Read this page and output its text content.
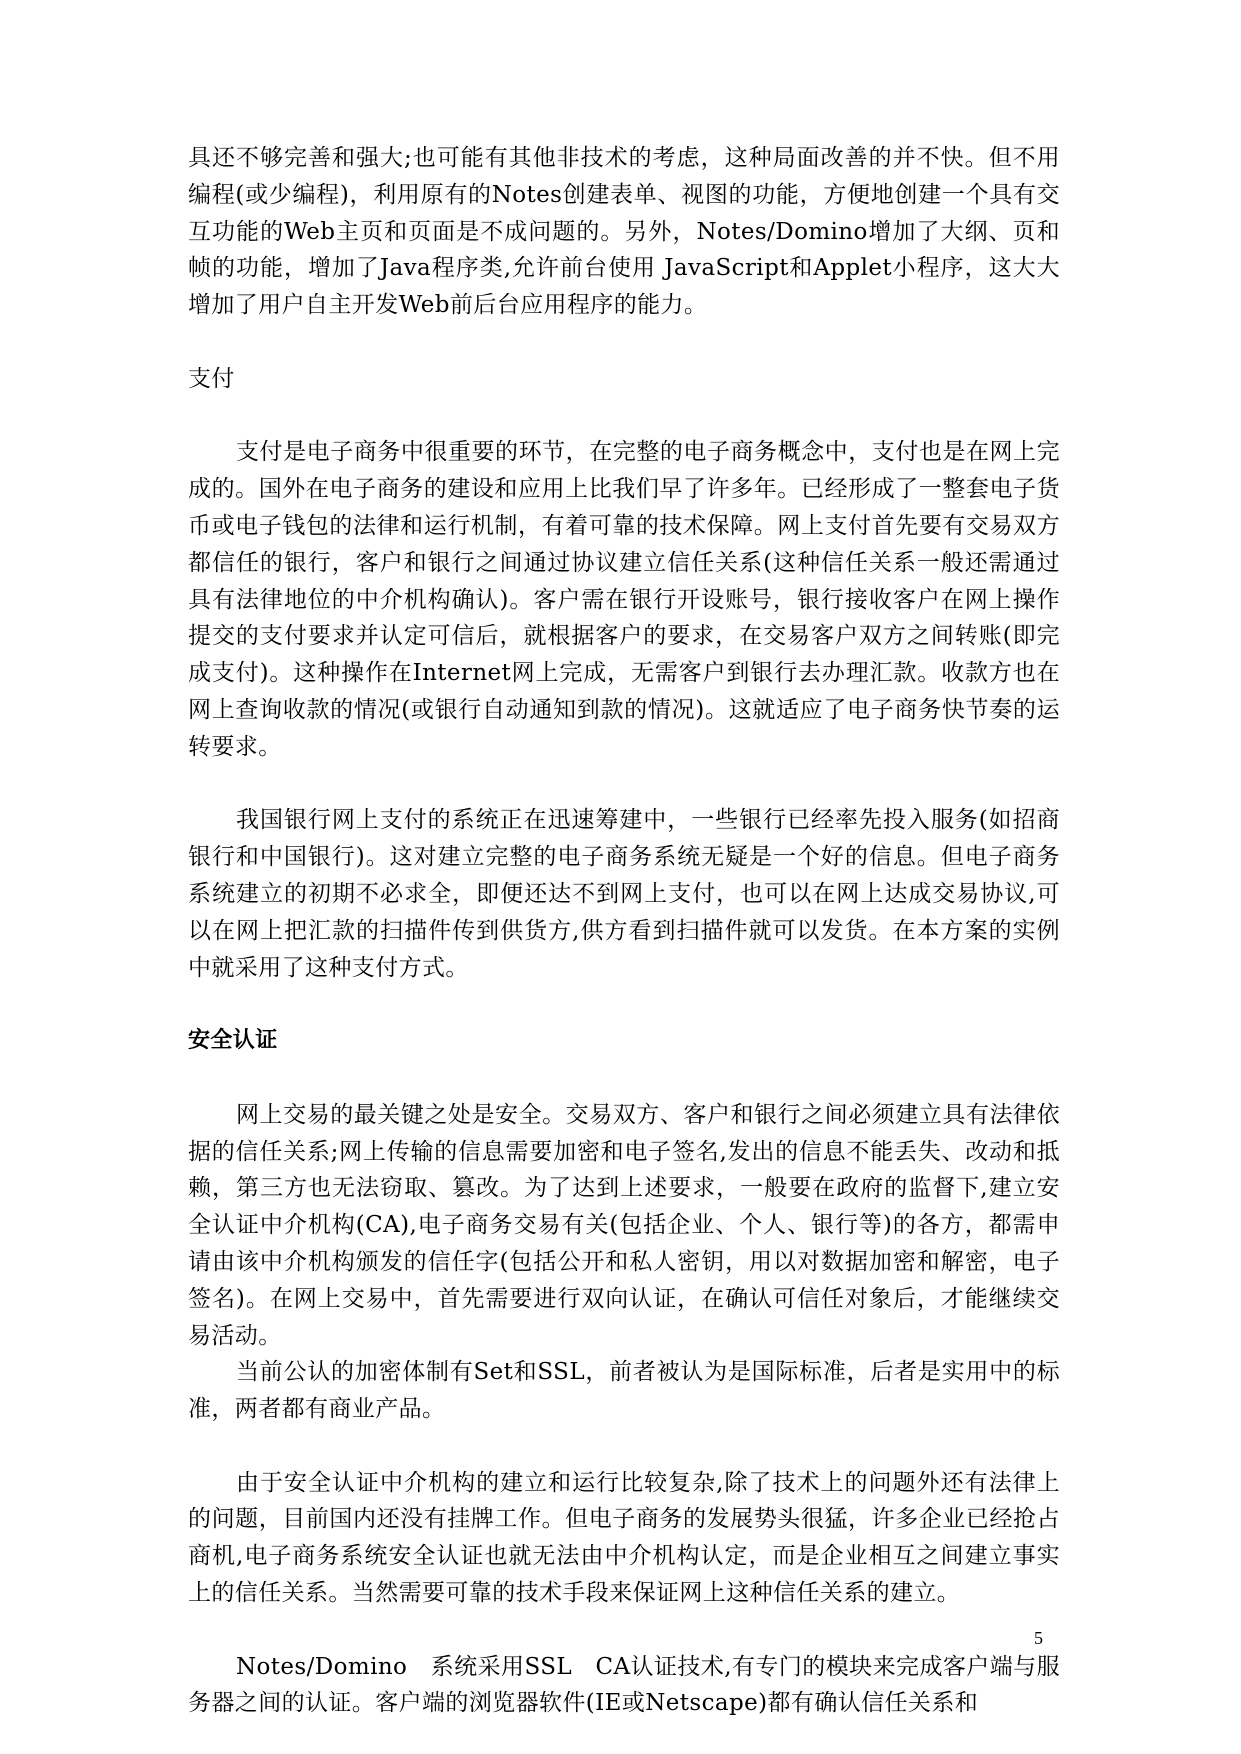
具还不够完善和强大;也可能有其他非技术的考虑，这种局面改善的并不快。但不用编程(或少编程)，利用原有的Notes创建表单、视图的功能，方便地创建一个具有交互功能的Web主页和页面是不成问题的。另外，Notes/Domino增加了大纲、页和帧的功能，增加了Java程序类,允许前台使用 JavaScript和Applet小程序，这大大增加了用户自主开发Web前后台应用程序的能力。

支付

支付是电子商务中很重要的环节，在完整的电子商务概念中，支付也是在网上完成的。国外在电子商务的建设和应用上比我们早了许多年。已经形成了一整套电子货币或电子钱包的法律和运行机制，有着可靠的技术保障。网上支付首先要有交易双方都信任的银行，客户和银行之间通过协议建立信任关系(这种信任关系一般还需通过具有法律地位的中介机构确认)。客户需在银行开设账号，银行接收客户在网上操作提交的支付要求并认定可信后，就根据客户的要求，在交易客户双方之间转账(即完成支付)。这种操作在Internet网上完成，无需客户到银行去办理汇款。收款方也在网上查询收款的情况(或银行自动通知到款的情况)。这就适应了电子商务快节奏的运转要求。

我国银行网上支付的系统正在迅速筹建中，一些银行已经率先投入服务(如招商银行和中国银行)。这对建立完整的电子商务系统无疑是一个好的信息。但电子商务系统建立的初期不必求全，即便还达不到网上支付，也可以在网上达成交易协议,可以在网上把汇款的扫描件传到供货方,供方看到扫描件就可以发货。在本方案的实例中就采用了这种支付方式。

安全认证

网上交易的最关键之处是安全。交易双方、客户和银行之间必须建立具有法律依据的信任关系;网上传输的信息需要加密和电子签名,发出的信息不能丢失、改动和抵赖，第三方也无法窃取、篡改。为了达到上述要求，一般要在政府的监督下,建立安全认证中介机构(CA),电子商务交易有关(包括企业、个人、银行等)的各方，都需申请由该中介机构颁发的信任字(包括公开和私人密钥，用以对数据加密和解密，电子签名)。在网上交易中，首先需要进行双向认证，在确认可信任对象后，才能继续交易活动。

当前公认的加密体制有Set和SSL，前者被认为是国际标准，后者是实用中的标准，两者都有商业产品。

由于安全认证中介机构的建立和运行比较复杂,除了技术上的问题外还有法律上的问题，目前国内还没有挂牌工作。但电子商务的发展势头很猛，许多企业已经抢占商机,电子商务系统安全认证也就无法由中介机构认定，而是企业相互之间建立事实上的信任关系。当然需要可靠的技术手段来保证网上这种信任关系的建立。

Notes/Domino　系统采用SSL　CA认证技术,有专门的模块来完成客户端与服务器之间的认证。客户端的浏览器软件(IE或Netscape)都有确认信任关系和

5
